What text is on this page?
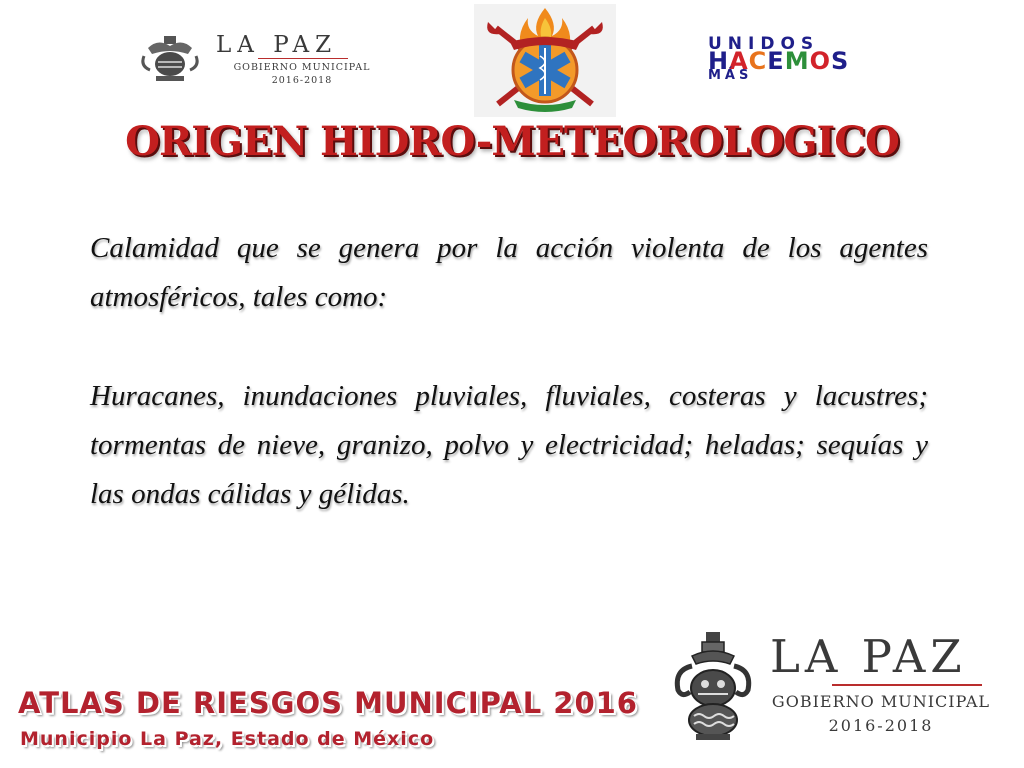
LA PAZ
GOBIERNO MUNICIPAL
2016-2018
UNIDOS
HACEMOS
MÁS
ORIGEN HIDRO-METEOROLOGICO

Calamidad que se genera por la acción violenta de los agentes atmosféricos, tales como:

Huracanes, inundaciones pluviales, fluviales, costeras y lacustres; tormentas de nieve, granizo, polvo y electricidad; heladas; sequías y las ondas cálidas y gélidas.

ATLAS DE RIESGOS MUNICIPAL 2016
Municipio La Paz, Estado de México
LA PAZ
GOBIERNO MUNICIPAL
2016-2018
